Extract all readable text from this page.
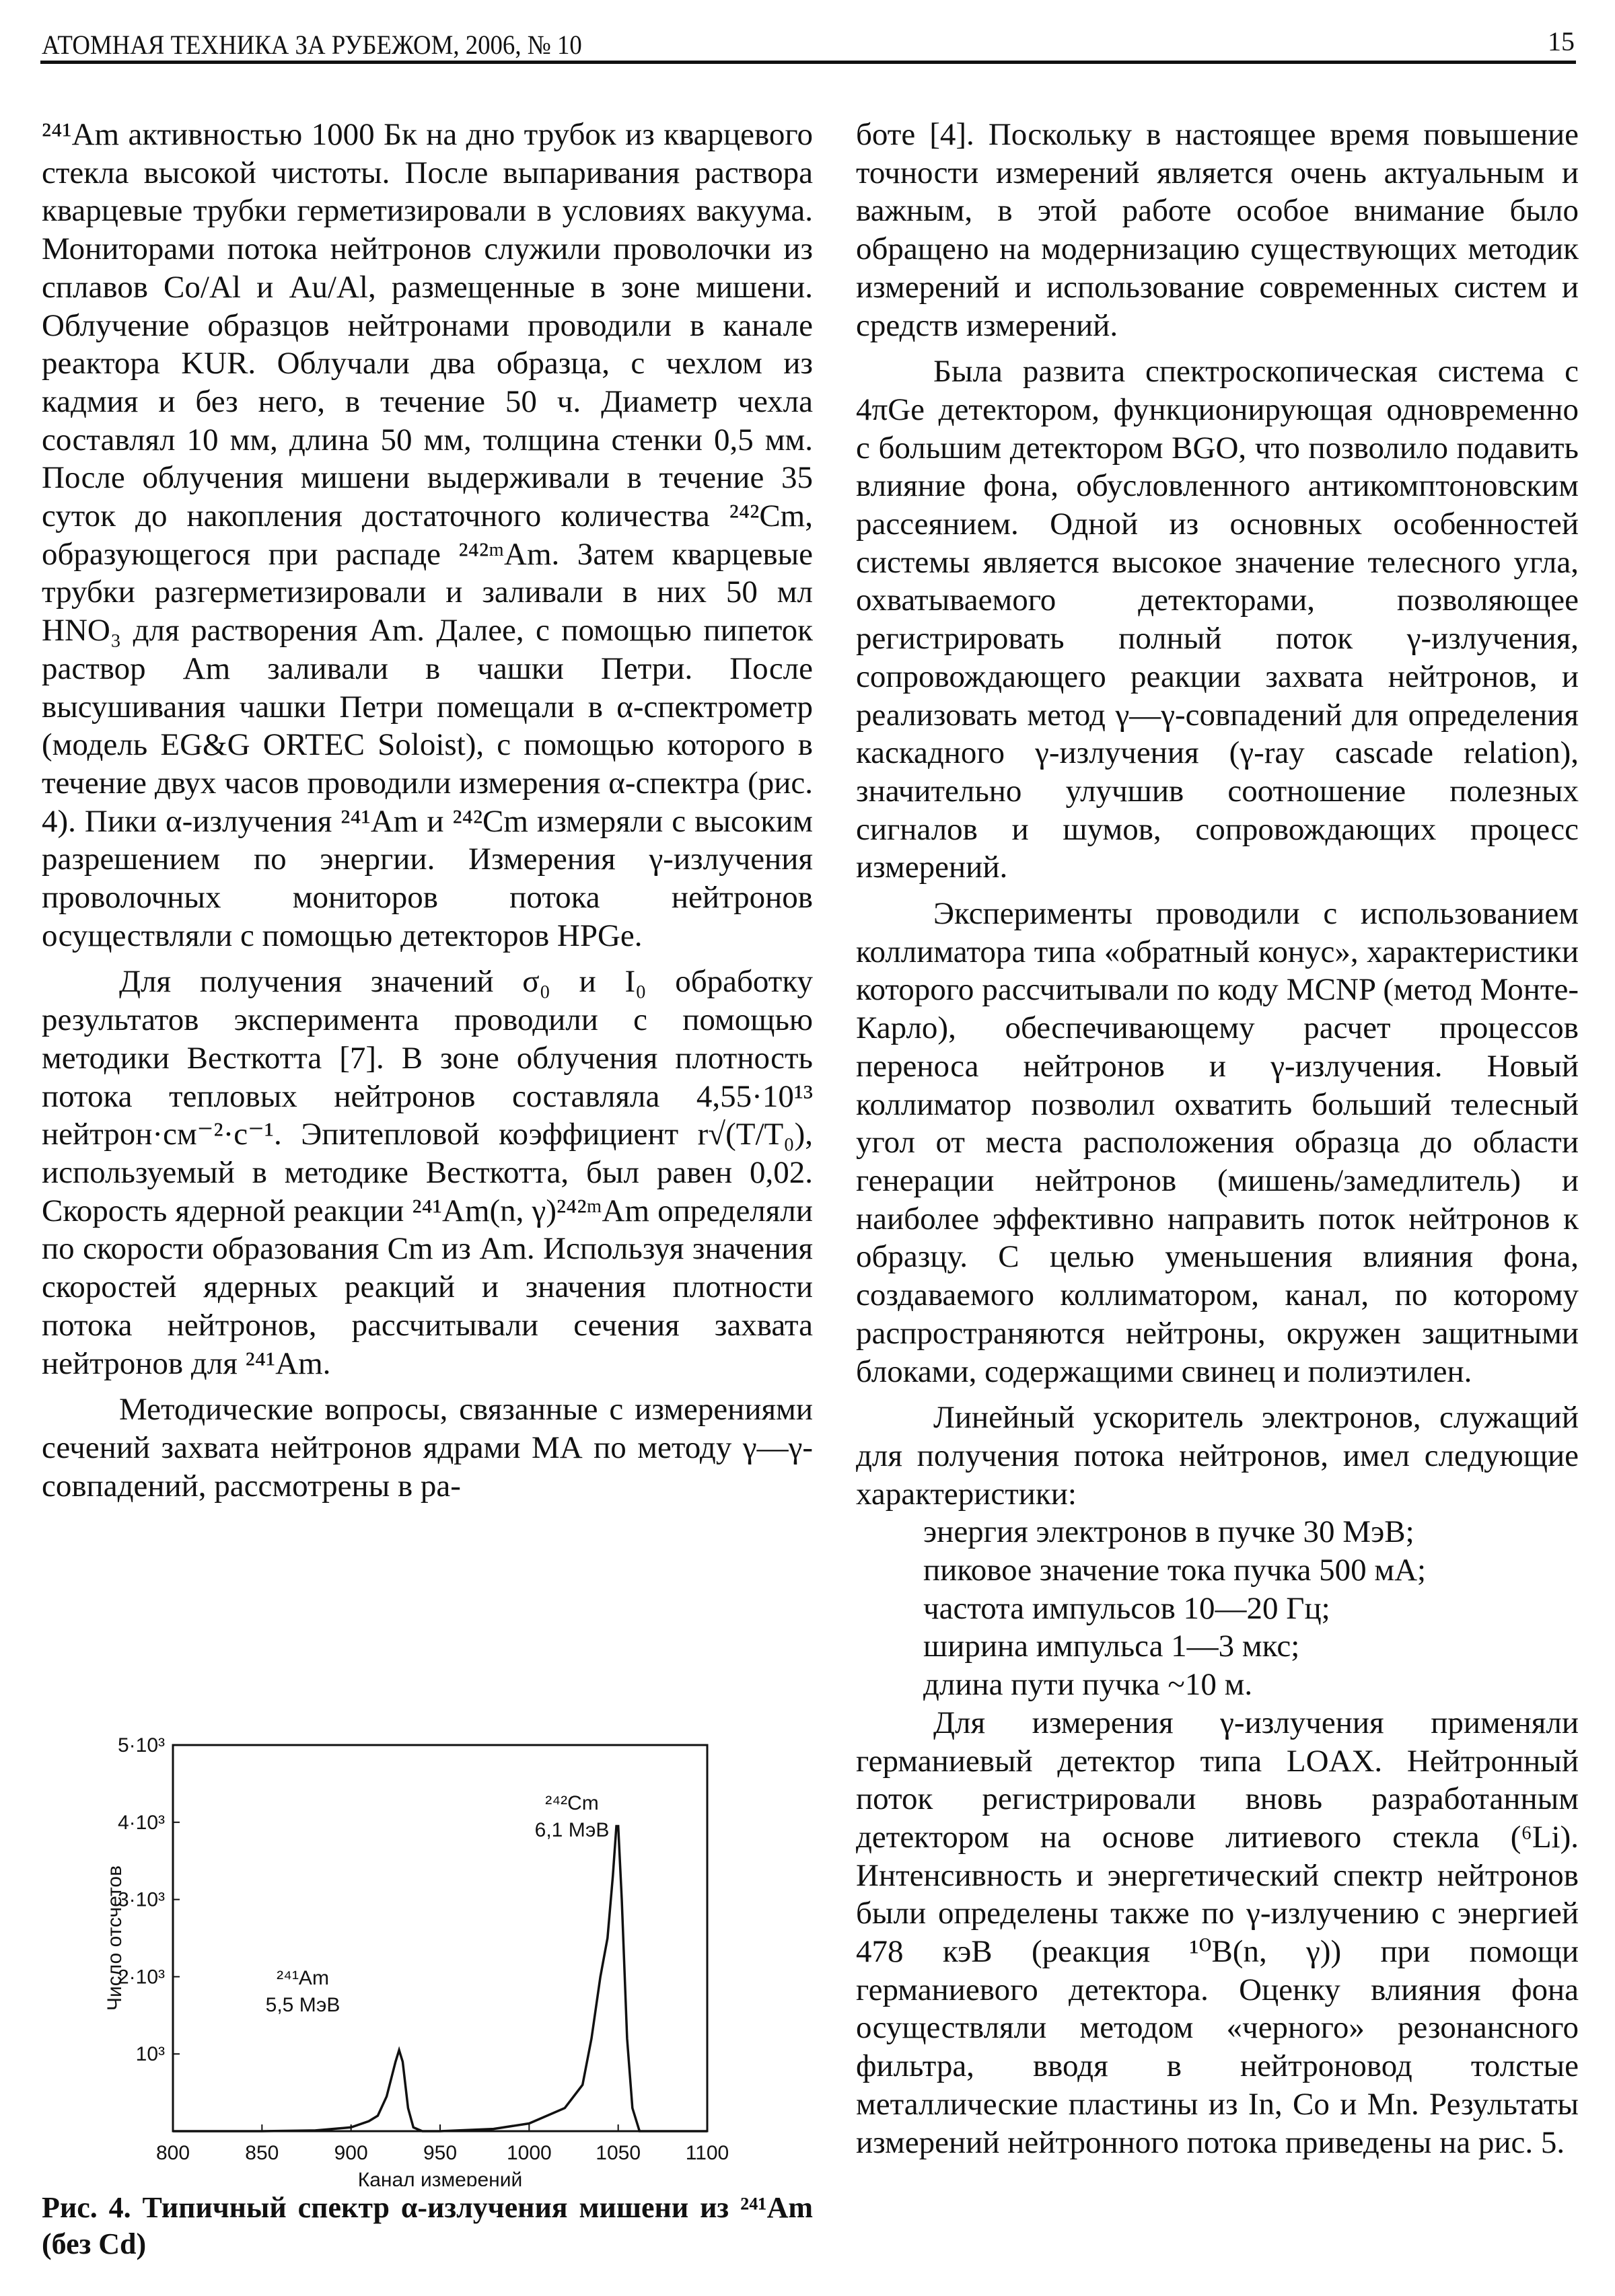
АТОМНАЯ ТЕХНИКА ЗА РУБЕЖОМ, 2006, № 10	15

²⁴¹Am активностью 1000 Бк на дно трубок из кварцевого стекла высокой чистоты. После выпаривания раствора кварцевые трубки герметизировали в условиях вакуума. Мониторами потока нейтронов служили проволочки из сплавов Co/Al и Au/Al, размещенные в зоне мишени. Облучение образцов нейтронами проводили в канале реактора KUR. Облучали два образца, с чехлом из кадмия и без него, в течение 50 ч. Диаметр чехла составлял 10 мм, длина 50 мм, толщина стенки 0,5 мм. После облучения мишени выдерживали в течение 35 суток до накопления достаточного количества ²⁴²Cm, образующегося при распаде ²⁴²ᵐAm. Затем кварцевые трубки разгерметизировали и заливали в них 50 мл HNO₃ для растворения Am. Далее, с помощью пипеток раствор Am заливали в чашки Петри. После высушивания чашки Петри помещали в α-спектрометр (модель EG&G ORTEC Soloist), с помощью которого в течение двух часов проводили измерения α-спектра (рис. 4). Пики α-излучения ²⁴¹Am и ²⁴²Cm измеряли с высоким разрешением по энергии. Измерения γ-излучения проволочных мониторов потока нейтронов осуществляли с помощью детекторов HPGe.

Для получения значений σ₀ и I₀ обработку результатов эксперимента проводили с помощью методики Весткотта [7]. В зоне облучения плотность потока тепловых нейтронов составляла 4,55·10¹³ нейтрон·см⁻²·с⁻¹. Эпитепловой коэффициент r√(T/T₀), используемый в методике Весткотта, был равен 0,02. Скорость ядерной реакции ²⁴¹Am(n, γ)²⁴²ᵐAm определяли по скорости образования Cm из Am. Используя значения скоростей ядерных реакций и значения плотности потока нейтронов, рассчитывали сечения захвата нейтронов для ²⁴¹Am.

Методические вопросы, связанные с измерениями сечений захвата нейтронов ядрами МА по методу γ—γ-совпадений, рассмотрены в ра-

800	850	900	950 1000 1050 1100
10³
2·10³
3·10³
4·10³
5·10³
Канал измерений
Число отсчетов	²⁴¹Am
5,5 МэВ
²⁴²Cm
6,1 МэВ
Рис. 4. Типичный спектр α-излучения мишени из ²⁴¹Am (без Cd)

боте [4]. Поскольку в настоящее время повышение точности измерений является очень актуальным и важным, в этой работе особое внимание было обращено на модернизацию существующих методик измерений и использование современных систем и средств измерений.

Была развита спектроскопическая система с 4πGe детектором, функционирующая одновременно с большим детектором BGO, что позволило подавить влияние фона, обусловленного антикомптоновским рассеянием. Одной из основных особенностей системы является высокое значение телесного угла, охватываемого детекторами, позволяющее регистрировать полный поток γ-излучения, сопровождающего реакции захвата нейтронов, и реализовать метод γ—γ-совпадений для определения каскадного γ-излучения (γ-ray cascade relation), значительно улучшив соотношение полезных сигналов и шумов, сопровождающих процесс измерений.

Эксперименты проводили с использованием коллиматора типа «обратный конус», характеристики которого рассчитывали по коду MCNP (метод Монте-Карло), обеспечивающему расчет процессов переноса нейтронов и γ-излучения. Новый коллиматор позволил охватить больший телесный угол от места расположения образца до области генерации нейтронов (мишень/замедлитель) и наиболее эффективно направить поток нейтронов к образцу. С целью уменьшения влияния фона, создаваемого коллиматором, канал, по которому распространяются нейтроны, окружен защитными блоками, содержащими свинец и полиэтилен.

Линейный ускоритель электронов, служащий для получения потока нейтронов, имел следующие характеристики:

энергия электронов в пучке 30 МэВ;
пиковое значение тока пучка 500 мА;
частота импульсов 10—20 Гц;
ширина импульса 1—3 мкс;
длина пути пучка ~10 м.

Для измерения γ-излучения применяли германиевый детектор типа LOAX. Нейтронный поток регистрировали вновь разработанным детектором на основе литиевого стекла (⁶Li). Интенсивность и энергетический спектр нейтронов были определены также по γ-излучению с энергией 478 кэВ (реакция ¹⁰B(n, γ)) при помощи германиевого детектора. Оценку влияния фона осуществляли методом «черного» резонансного фильтра, вводя в нейтроновод толстые металлические пластины из In, Co и Mn. Результаты измерений нейтронного потока приведены на рис. 5.
